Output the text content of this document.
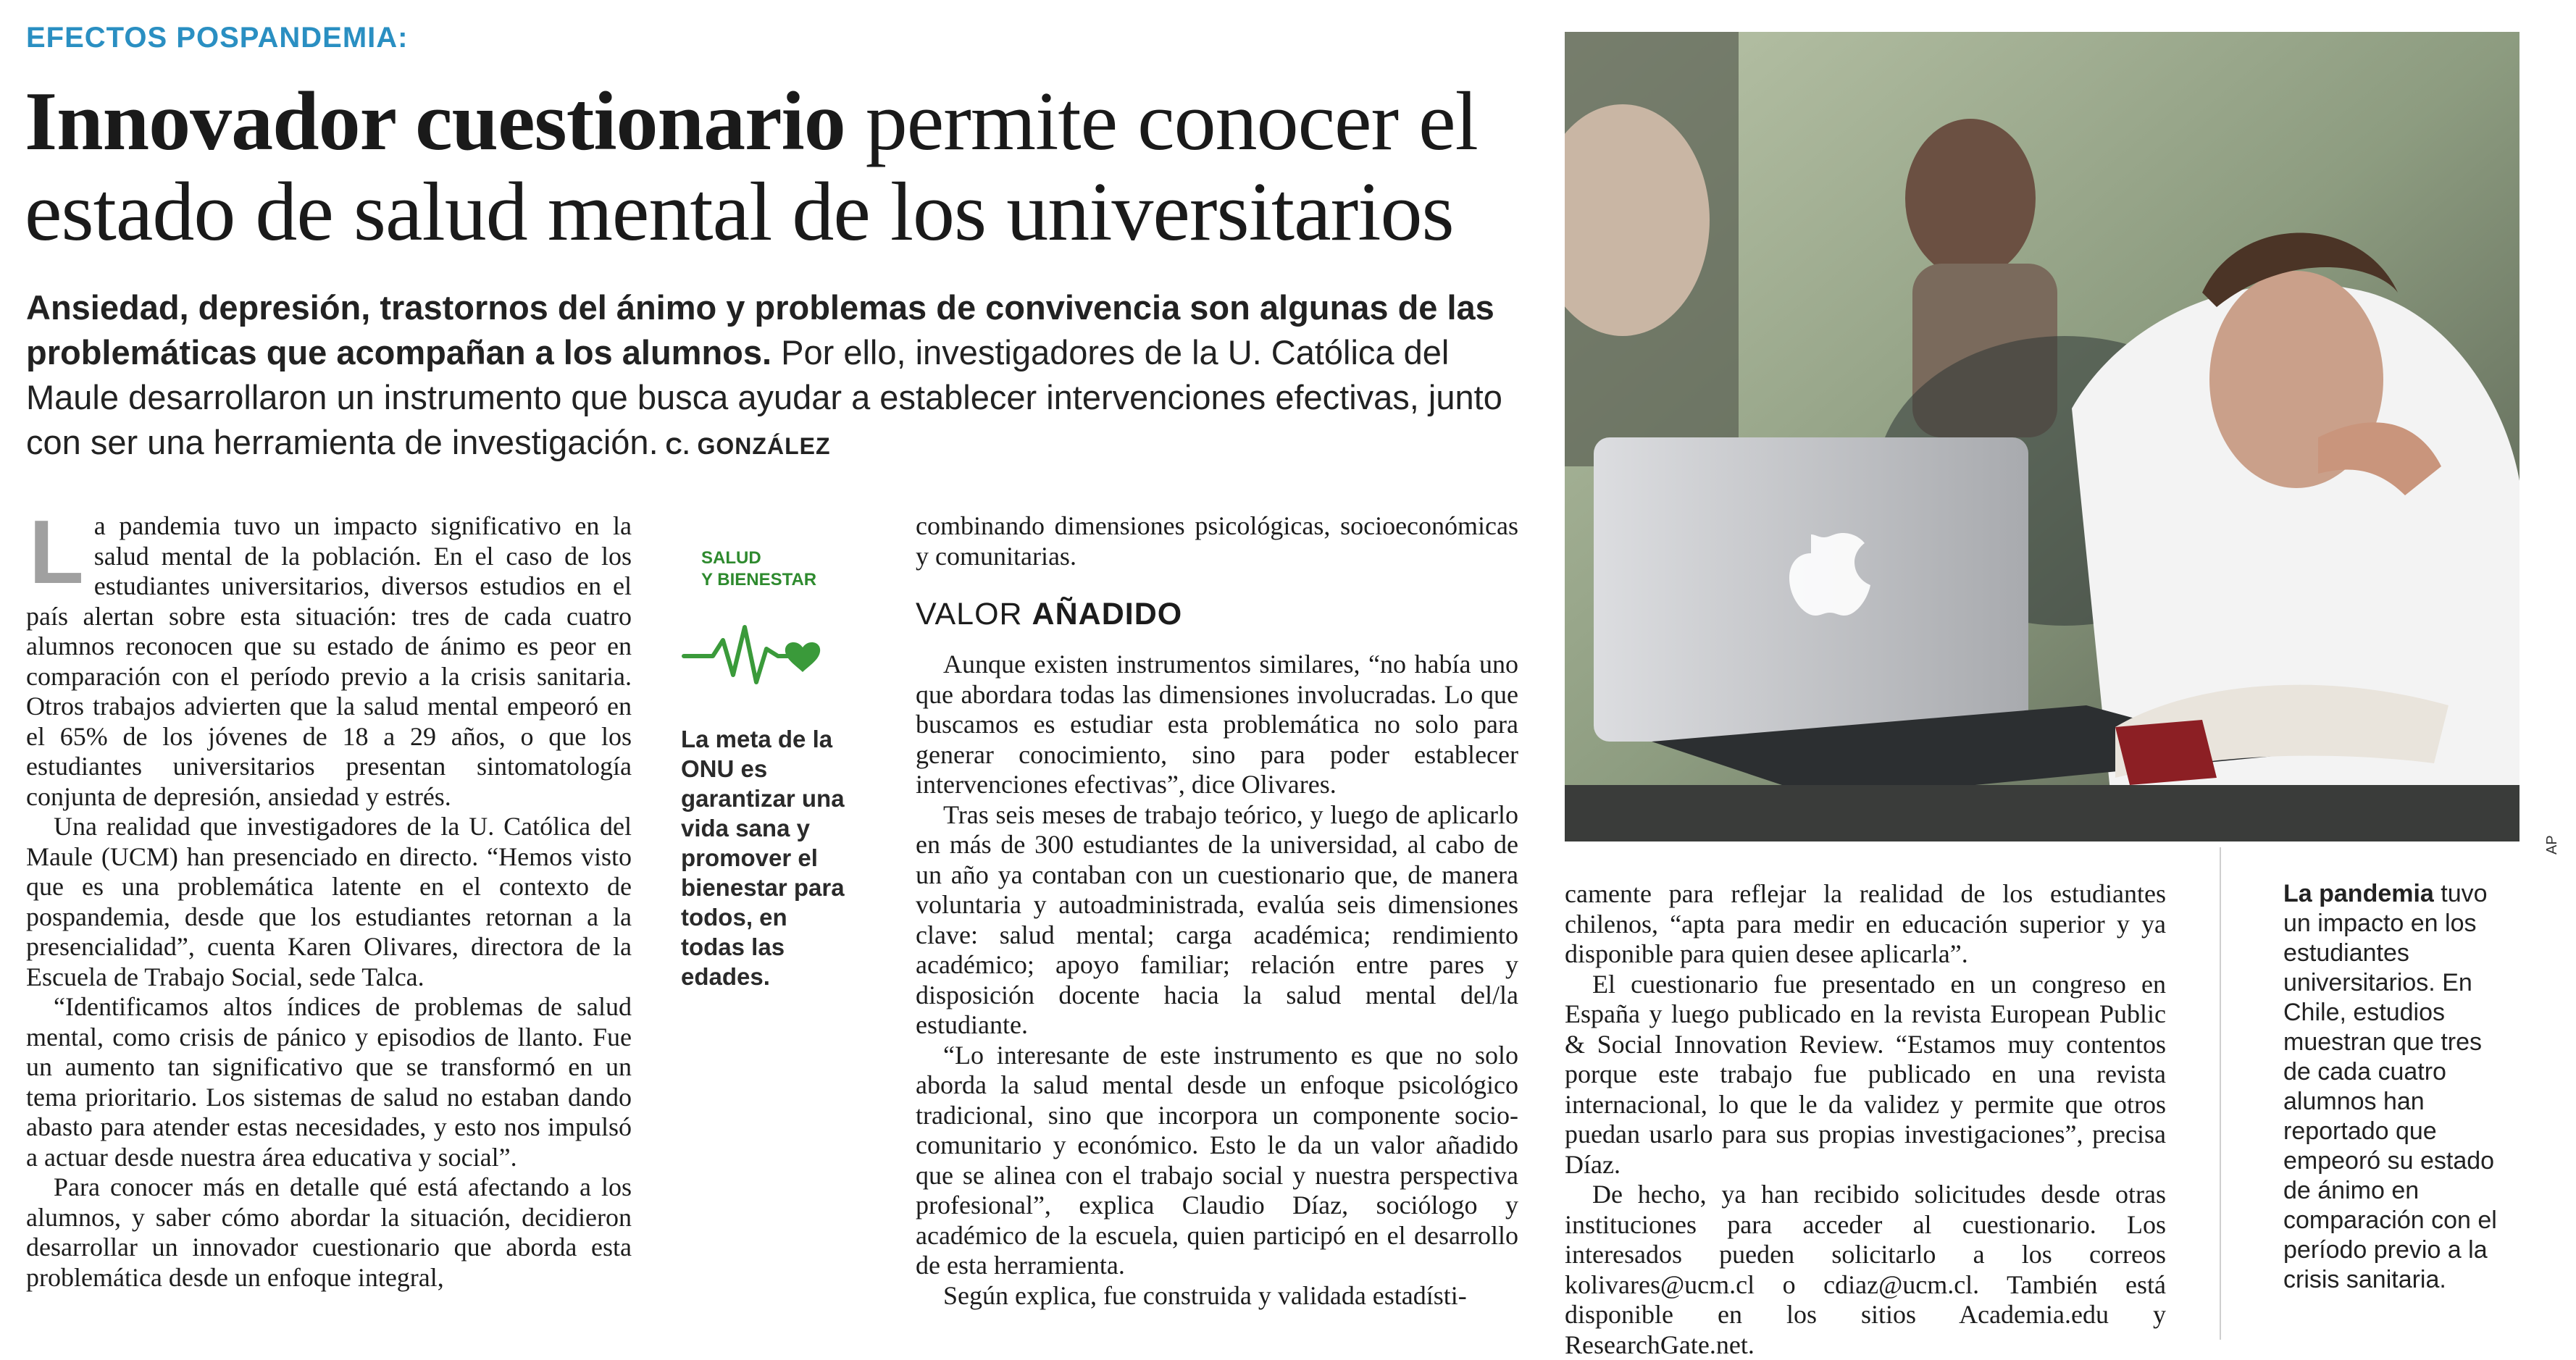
EFECTOS POSPANDEMIA:
Innovador cuestionario permite conocer el estado de salud mental de los universitarios
Ansiedad, depresión, trastornos del ánimo y problemas de convivencia son algunas de las problemáticas que acompañan a los alumnos. Por ello, investigadores de la U. Católica del Maule desarrollaron un instrumento que busca ayudar a establecer intervenciones efectivas, junto con ser una herramienta de investigación. C. GONZÁLEZ

La pandemia tuvo un impacto significativo en la salud mental de la población. En el caso de los estudiantes universitarios, diversos estudios en el país alertan sobre esta situación: tres de cada cuatro alumnos reconocen que su estado de ánimo es peor en comparación con el período previo a la crisis sanitaria. Otros trabajos advierten que la salud mental empeoró en el 65% de los jóvenes de 18 a 29 años, o que los estudiantes universitarios presentan sintomatología conjunta de depresión, ansiedad y estrés.

Una realidad que investigadores de la U. Católica del Maule (UCM) han presenciado en directo. “Hemos visto que es una problemática latente en el contexto de pospandemia, desde que los estudiantes retornan a la presencialidad”, cuenta Karen Olivares, directora de la Escuela de Trabajo Social, sede Talca.

“Identificamos altos índices de problemas de salud mental, como crisis de pánico y episodios de llanto. Fue un aumento tan significativo que se transformó en un tema prioritario. Los sistemas de salud no estaban dando abasto para atender estas necesidades, y esto nos impulsó a actuar desde nuestra área educativa y social”.

Para conocer más en detalle qué está afectando a los alumnos, y saber cómo abordar la situación, decidieron desarrollar un innovador cuestionario que aborda esta problemática desde un enfoque integral,

SALUD
Y BIENESTAR
La meta de la ONU es garantizar una vida sana y promover el bienestar para todos, en todas las edades.

combinando dimensiones psicológicas, socioeconómicas y comunitarias.

VALOR AÑADIDO

Aunque existen instrumentos similares, “no había uno que abordara todas las dimensiones involucradas. Lo que buscamos es estudiar esta problemática no solo para generar conocimiento, sino para poder establecer intervenciones efectivas”, dice Olivares.

Tras seis meses de trabajo teórico, y luego de aplicarlo en más de 300 estudiantes de la universidad, al cabo de un año ya contaban con un cuestionario que, de manera voluntaria y autoadministrada, evalúa seis dimensiones clave: salud mental; carga académica; rendimiento académico; apoyo familiar; relación entre pares y disposición docente hacia la salud mental del/la estudiante.

“Lo interesante de este instrumento es que no solo aborda la salud mental desde un enfoque psicológico tradicional, sino que incorpora un componente socio-comunitario y económico. Esto le da un valor añadido que se alinea con el trabajo social y nuestra perspectiva profesional”, explica Claudio Díaz, sociólogo y académico de la escuela, quien participó en el desarrollo de esta herramienta.

Según explica, fue construida y validada estadísti-

AP

camente para reflejar la realidad de los estudiantes chilenos, “apta para medir en educación superior y ya disponible para quien desee aplicarla”.

El cuestionario fue presentado en un congreso en España y luego publicado en la revista European Public & Social Innovation Review. “Estamos muy contentos porque este trabajo fue publicado en una revista internacional, lo que le da validez y permite que otros puedan usarlo para sus propias investigaciones”, precisa Díaz.

De hecho, ya han recibido solicitudes desde otras instituciones para acceder al cuestionario. Los interesados pueden solicitarlo a los correos kolivares@ucm.cl o cdiaz@ucm.cl. También está disponible en los sitios Academia.edu y ResearchGate.net.

La pandemia tuvo un impacto en los estudiantes universitarios. En Chile, estudios muestran que tres de cada cuatro alumnos han reportado que empeoró su estado de ánimo en comparación con el período previo a la crisis sanitaria.
